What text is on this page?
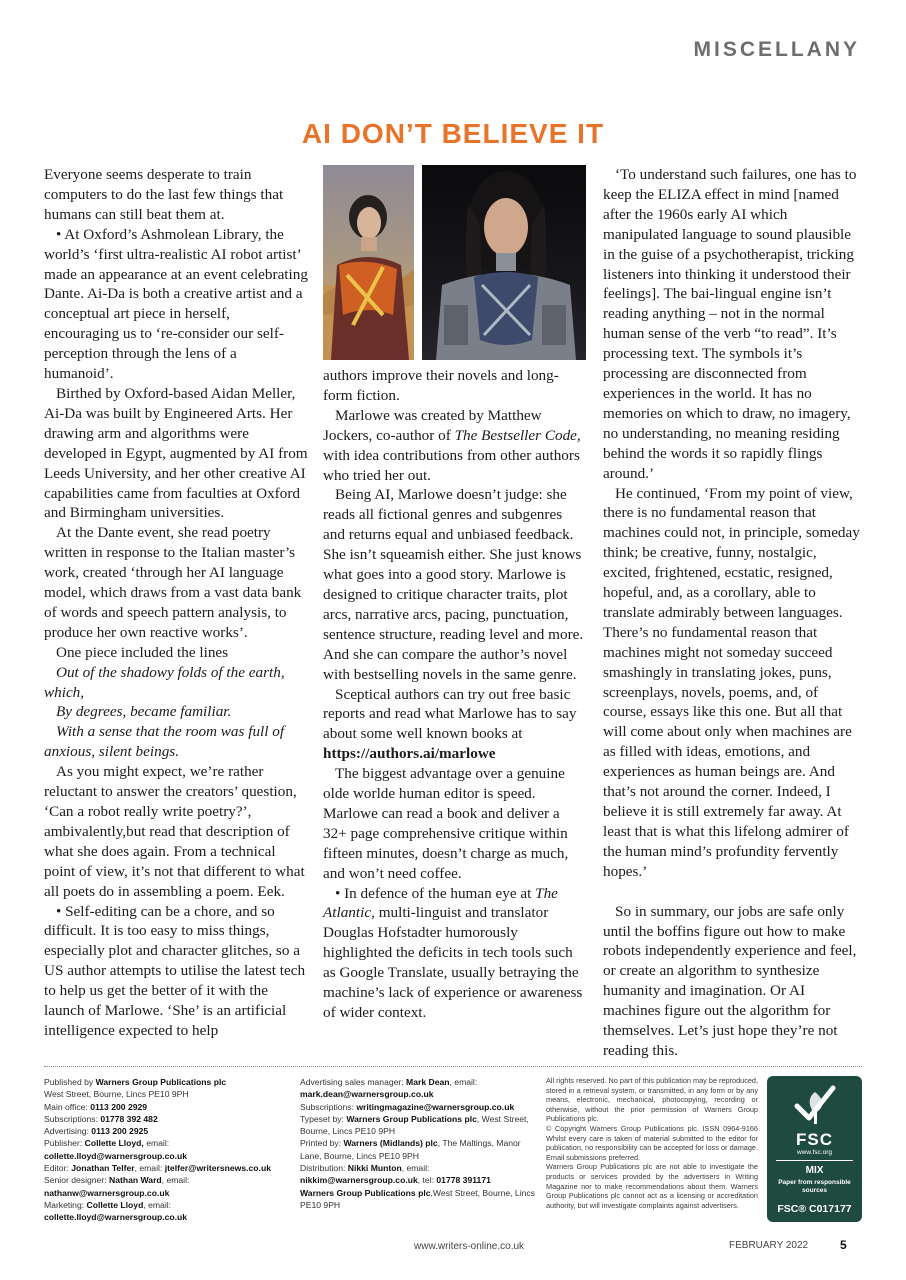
MISCELLANY
AI DON’T BELIEVE IT

Everyone seems desperate to train computers to do the last few things that humans can still beat them at.

• At Oxford’s Ashmolean Library, the world’s ‘first ultra-realistic AI robot artist’ made an appearance at an event celebrating Dante. Ai-Da is both a creative artist and a conceptual art piece in herself, encouraging us to ‘re-consider our self-perception through the lens of a humanoid’.

Birthed by Oxford-based Aidan Meller, Ai-Da was built by Engineered Arts. Her drawing arm and algorithms were developed in Egypt, augmented by AI from Leeds University, and her other creative AI capabilities came from faculties at Oxford and Birmingham universities.

At the Dante event, she read poetry written in response to the Italian master’s work, created ‘through her AI language model, which draws from a vast data bank of words and speech pattern analysis, to produce her own reactive works’.

One piece included the lines

Out of the shadowy folds of the earth, which,

By degrees, became familiar.

With a sense that the room was full of anxious, silent beings.

As you might expect, we’re rather reluctant to answer the creators’ question, ‘Can a robot really write poetry?’, ambivalently,but read that description of what she does again. From a technical point of view, it’s not that different to what all poets do in assembling a poem. Eek.

• Self-editing can be a chore, and so difficult. It is too easy to miss things, especially plot and character glitches, so a US author attempts to utilise the latest tech to help us get the better of it with the launch of Marlowe. ‘She’ is an artificial intelligence expected to help

authors improve their novels and long-form fiction.

Marlowe was created by Matthew Jockers, co-author of The Bestseller Code, with idea contributions from other authors who tried her out.

Being AI, Marlowe doesn’t judge: she reads all fictional genres and subgenres and returns equal and unbiased feedback. She isn’t squeamish either. She just knows what goes into a good story. Marlowe is designed to critique character traits, plot arcs, narrative arcs, pacing, punctuation, sentence structure, reading level and more. And she can compare the author’s novel with bestselling novels in the same genre.

Sceptical authors can try out free basic reports and read what Marlowe has to say about some well known books at https://authors.ai/marlowe

The biggest advantage over a genuine olde worlde human editor is speed. Marlowe can read a book and deliver a 32+ page comprehensive critique within fifteen minutes, doesn’t charge as much, and won’t need coffee.

• In defence of the human eye at The Atlantic, multi-linguist and translator Douglas Hofstadter humorously highlighted the deficits in tech tools such as Google Translate, usually betraying the machine’s lack of experience or awareness of wider context.

‘To understand such failures, one has to keep the ELIZA effect in mind [named after the 1960s early AI which manipulated language to sound plausible in the guise of a psychotherapist, tricking listeners into thinking it understood their feelings]. The bai-lingual engine isn’t reading anything – not in the normal human sense of the verb “to read”. It’s processing text. The symbols it’s processing are disconnected from experiences in the world. It has no memories on which to draw, no imagery, no understanding, no meaning residing behind the words it so rapidly flings around.’

He continued, ‘From my point of view, there is no fundamental reason that machines could not, in principle, someday think; be creative, funny, nostalgic, excited, frightened, ecstatic, resigned, hopeful, and, as a corollary, able to translate admirably between languages. There’s no fundamental reason that machines might not someday succeed smashingly in translating jokes, puns, screenplays, novels, poems, and, of course, essays like this one. But all that will come about only when machines are as filled with ideas, emotions, and experiences as human beings are. And that’s not around the corner. Indeed, I believe it is still extremely far away. At least that is what this lifelong admirer of the human mind’s profundity fervently hopes.’

So in summary, our jobs are safe only until the boffins figure out how to make robots independently experience and feel, or create an algorithm to synthesize humanity and imagination. Or AI machines figure out the algorithm for themselves. Let’s just hope they’re not reading this.

Published by Warners Group Publications plc
West Street, Bourne, Lincs PE10 9PH
Main office: 0113 200 2929
Subscriptions: 01778 392 482
Advertising: 0113 200 2925
Publisher: Collette Lloyd, email:
collette.lloyd@warnersgroup.co.uk
Editor: Jonathan Telfer, email: jtelfer@writersnews.co.uk
Senior designer: Nathan Ward, email:
nathanw@warnersgroup.co.uk
Marketing: Collette Lloyd, email:
collette.lloyd@warnersgroup.co.uk
Advertising sales manager: Mark Dean, email:
mark.dean@warnersgroup.co.uk
Subscriptions: writingmagazine@warnersgroup.co.uk
Typeset by: Warners Group Publications plc, West Street, Bourne, Lincs PE10 9PH
Printed by: Warners (Midlands) plc, The Maltings, Manor Lane, Bourne, Lincs PE10 9PH
Distribution: Nikki Munton, email:
nikkim@warnersgroup.co.uk, tel: 01778 391171
Warners Group Publications plc,West Street, Bourne, Lincs PE10 9PH
All rights reserved. No part of this publication may be reproduced, stored in a retrieval system, or transmitted, in any form or by any means, electronic, mechanical, photocopying, recording or otherwise, without the prior permission of Warners Group Publications plc.
© Copyright Warners Group Publications plc. ISSN 0964-9166 Whilst every care is taken of material submitted to the editor for publication, no responsibility can be accepted for loss or damage. Email submissions preferred.
Warners Group Publications plc are not able to investigate the products or services provided by the advertisers in Writing Magazine nor to make recommendations about them. Warners Group Publications plc cannot act as a licensing or accreditation authority, but will investigate complaints against advertisers.
FSC
www.fsc.org
MIX
Paper from responsible sources
FSC® C017177
www.writers-online.co.uk	FEBRUARY 2022	5
